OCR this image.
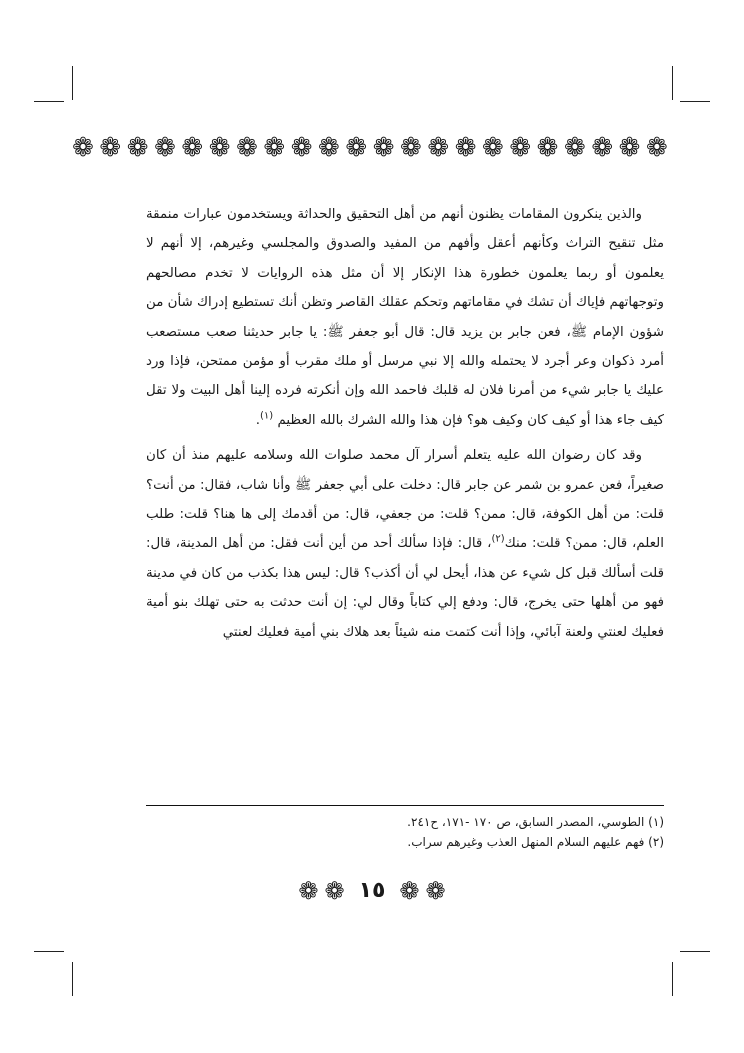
❁ ❁ ❁ ❁ ❁ ❁ ❁ ❁ ❁ ❁ ❁ ❁ ❁ ❁ ❁ ❁ ❁ ❁ ❁ ❁ ❁ ❁

والذين ينكرون المقامات يظنون أنهم من أهل التحقيق والحداثة ويستخدمون عبارات منمقة مثل تنقيح التراث وكأنهم أعقل وأفهم من المفيد والصدوق والمجلسي وغيرهم، إلا أنهم لا يعلمون أو ربما يعلمون خطورة هذا الإنكار إلا أن مثل هذه الروايات لا تخدم مصالحهم وتوجهاتهم فإياك أن تشك في مقاماتهم وتحكم عقلك القاصر وتظن أنك تستطيع إدراك شأن من شؤون الإمام ﷺ، فعن جابر بن يزيد قال: قال أبو جعفر ﷺ: يا جابر حديثنا صعب مستصعب أمرد ذكوان وعر أجرد لا يحتمله والله إلا نبي مرسل أو ملك مقرب أو مؤمن ممتحن، فإذا ورد عليك يا جابر شيء من أمرنا فلان له قلبك فاحمد الله وإن أنكرته فرده إلينا أهل البيت ولا تقل كيف جاء هذا أو كيف كان وكيف هو؟ فإن هذا والله الشرك بالله العظيم $^{(١)}$.

وقد كان رضوان الله عليه يتعلم أسرار آل محمد صلوات الله وسلامه عليهم منذ أن كان صغيراً، فعن عمرو بن شمر عن جابر قال: دخلت على أبي جعفر ﷺ وأنا شاب، فقال: من أنت؟ قلت: من أهل الكوفة، قال: ممن؟ قلت: من جعفي، قال: من أقدمك إلى ها هنا؟ قلت: طلب العلم، قال: ممن؟ قلت: منك$^{(٢)}$، قال: فإذا سألك أحد من أين أنت فقل: من أهل المدينة، قال: قلت أسألك قبل كل شيء عن هذا، أيحل لي أن أكذب؟ قال: ليس هذا بكذب من كان في مدينة فهو من أهلها حتى يخرج، قال: ودفع إلي كتاباً وقال لي: إن أنت حدثت به حتى تهلك بنو أمية فعليك لعنتي ولعنة آبائي، وإذا أنت كتمت منه شيئاً بعد هلاك بني أمية فعليك لعنتي

(١) الطوسي، المصدر السابق، ص ١٧٠ -١٧١، ح٢٤١.
(٢) فهم عليهم السلام المنهل العذب وغيرهم سراب.
❁ ❁ ١٥ ❁ ❁
